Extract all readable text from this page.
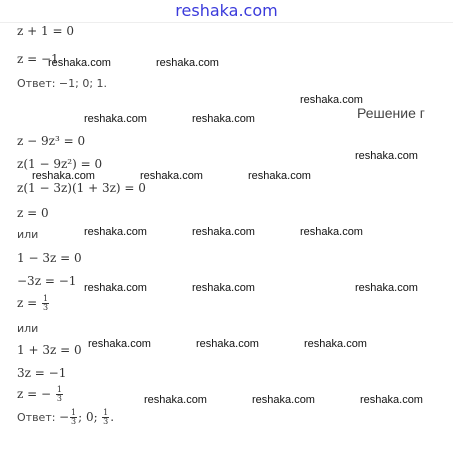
reshaka.com
z + 1 = 0
z = −1
Ответ: −1; 0; 1.
Решение г
z − 9z³ = 0
z(1 − 9z²) = 0
z(1 − 3z)(1 + 3z) = 0
z = 0
или
1 − 3z = 0
−3z = −1
$z = \frac{1}{3}$
или
1 + 3z = 0
3z = −1
z = − $\frac{1}{3}$
Ответ: − $\frac{1}{3}$ ; 0; $\frac{1}{3}$ .
reshaka.com	reshaka.com
reshaka.com
reshaka.com	reshaka.com
reshaka.com
reshaka.com	reshaka.com	reshaka.com
reshaka.com	reshaka.com	reshaka.com
reshaka.com	reshaka.com	reshaka.com
reshaka.com	reshaka.com	reshaka.com
reshaka.com	reshaka.com	reshaka.com
